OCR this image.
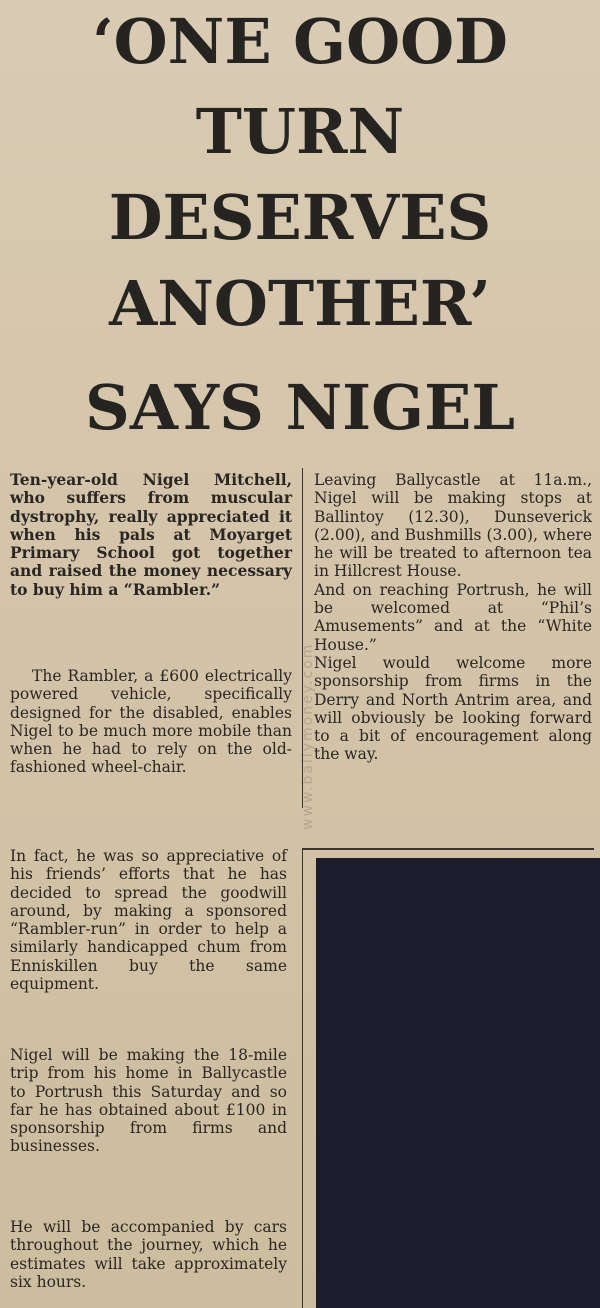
‘ONE GOOD
TURN
DESERVES
ANOTHER’
SAYS NIGEL
www.ballymoney.com

Ten-year-old Nigel Mitchell, who suffers from muscular dystrophy, really appreciated it when his pals at Moyarget Primary School got together and raised the money necessary to buy him a “Rambler.”

The Rambler, a £600 electrically powered vehicle, specifically designed for the disabled, enables Nigel to be much more mobile than when he had to rely on the old-fashioned wheel-chair.

In fact, he was so appreciative of his friends’ efforts that he has decided to spread the goodwill around, by making a sponsored “Rambler-run” in order to help a similarly handicapped chum from Enniskillen buy the same equipment.

Nigel will be making the 18-mile trip from his home in Ballycastle to Portrush this Saturday and so far he has obtained about £100 in sponsorship from firms and businesses.

He will be accompanied by cars throughout the journey, which he estimates will take approximately six hours.

Leaving Ballycastle at 11a.m., Nigel will be making stops at Ballintoy (12.30), Dunseverick (2.00), and Bushmills (3.00), where he will be treated to afternoon tea in Hillcrest House.

And on reaching Portrush, he will be welcomed at “Phil’s Amusements” and at the “White House.”

Nigel would welcome more sponsorship from firms in the Derry and North Antrim area, and will obviously be looking forward to a bit of encouragement along the way.
